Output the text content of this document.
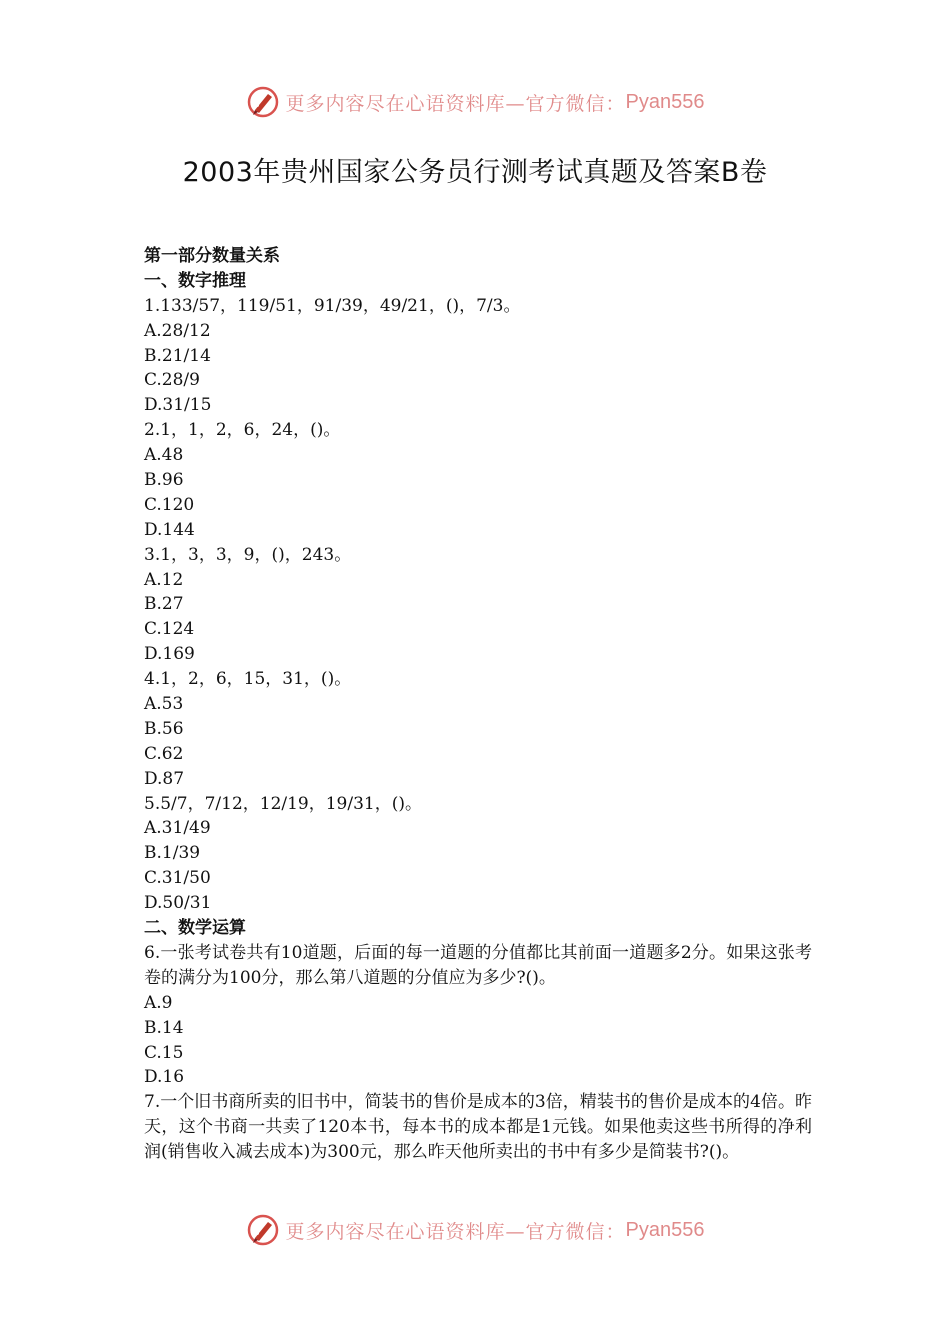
更多内容尽在心语资料库—官方微信： Pyan556
2003年贵州国家公务员行测考试真题及答案B卷
第一部分数量关系
一、数字推理
1.133/57，119/51，91/39，49/21，()，7/3。
A.28/12
B.21/14
C.28/9
D.31/15
2.1，1，2，6，24，()。
A.48
B.96
C.120
D.144
3.1，3，3，9，()，243。
A.12
B.27
C.124
D.169
4.1，2，6，15，31，()。
A.53
B.56
C.62
D.87
5.5/7，7/12，12/19，19/31，()。
A.31/49
B.1/39
C.31/50
D.50/31
二、数学运算
6.一张考试卷共有10道题，后面的每一道题的分值都比其前面一道题多2分。如果这张考卷的满分为100分，那么第八道题的分值应为多少?()。
A.9
B.14
C.15
D.16
7.一个旧书商所卖的旧书中，简装书的售价是成本的3倍，精装书的售价是成本的4倍。昨天，这个书商一共卖了120本书，每本书的成本都是1元钱。如果他卖这些书所得的净利润(销售收入减去成本)为300元，那么昨天他所卖出的书中有多少是简装书?()。
更多内容尽在心语资料库—官方微信： Pyan556
